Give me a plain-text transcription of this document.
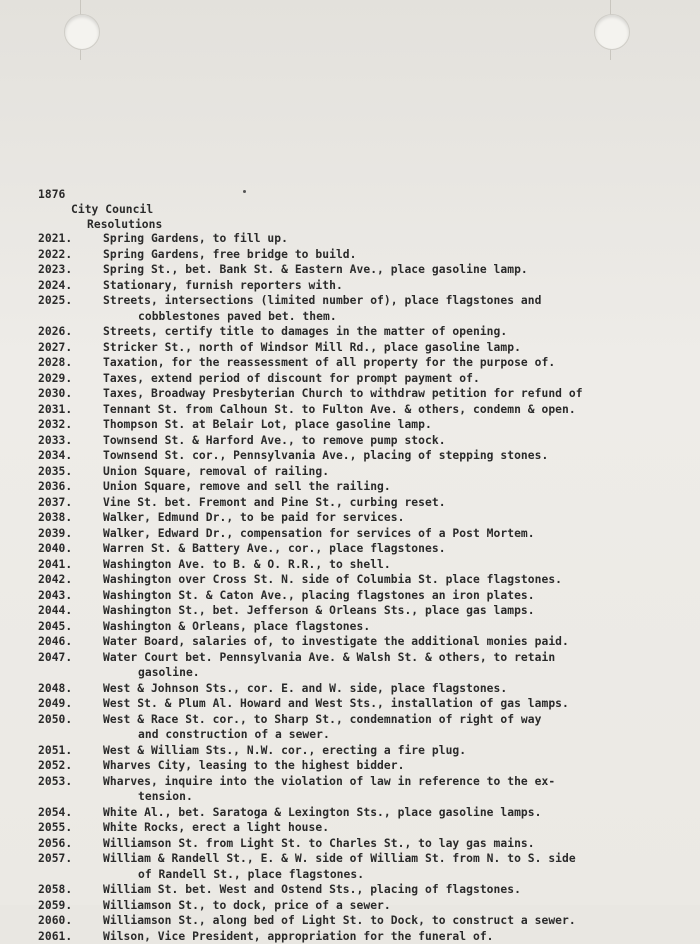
1876
City Council
Resolutions
2021.	Spring Gardens, to fill up.
2022.	Spring Gardens, free bridge to build.
2023.	Spring St., bet. Bank St. & Eastern Ave., place gasoline lamp.
2024.	Stationary, furnish reporters with.
2025.	Streets, intersections (limited number of), place flagstones and
cobblestones paved bet. them.
2026.	Streets, certify title to damages in the matter of opening.
2027.	Stricker St., north of Windsor Mill Rd., place gasoline lamp.
2028.	Taxation, for the reassessment of all property for the purpose of.
2029.	Taxes, extend period of discount for prompt payment of.
2030.	Taxes, Broadway Presbyterian Church to withdraw petition for refund of
2031.	Tennant St. from Calhoun St. to Fulton Ave. & others, condemn & open.
2032.	Thompson St. at Belair Lot, place gasoline lamp.
2033.	Townsend St. & Harford Ave., to remove pump stock.
2034.	Townsend St. cor., Pennsylvania Ave., placing of stepping stones.
2035.	Union Square, removal of railing.
2036.	Union Square, remove and sell the railing.
2037.	Vine St. bet. Fremont and Pine St., curbing reset.
2038.	Walker, Edmund Dr., to be paid for services.
2039.	Walker, Edward Dr., compensation for services of a Post Mortem.
2040.	Warren St. & Battery Ave., cor., place flagstones.
2041.	Washington Ave. to B. & O. R.R., to shell.
2042.	Washington over Cross St. N. side of Columbia St. place flagstones.
2043.	Washington St. & Caton Ave., placing flagstones an iron plates.
2044.	Washington St., bet. Jefferson & Orleans Sts., place gas lamps.
2045.	Washington & Orleans, place flagstones.
2046.	Water Board, salaries of, to investigate the additional monies paid.
2047.	Water Court bet. Pennsylvania Ave. & Walsh St. & others, to retain
gasoline.
2048.	West & Johnson Sts., cor. E. and W. side, place flagstones.
2049.	West St. & Plum Al. Howard and West Sts., installation of gas lamps.
2050.	West & Race St. cor., to Sharp St., condemnation of right of way
and construction of a sewer.
2051.	West & William Sts., N.W. cor., erecting a fire plug.
2052.	Wharves City, leasing to the highest bidder.
2053.	Wharves, inquire into the violation of law in reference to the ex-
tension.
2054.	White Al., bet. Saratoga & Lexington Sts., place gasoline lamps.
2055.	White Rocks, erect a light house.
2056.	Williamson St. from Light St. to Charles St., to lay gas mains.
2057.	William & Randell St., E. & W. side of William St. from N. to S. side
of Randell St., place flagstones.
2058.	William St. bet. West and Ostend Sts., placing of flagstones.
2059.	Williamson St., to dock, price of a sewer.
2060.	Williamson St., along bed of Light St. to Dock, to construct a sewer.
2061.	Wilson, Vice President, appropriation for the funeral of.
